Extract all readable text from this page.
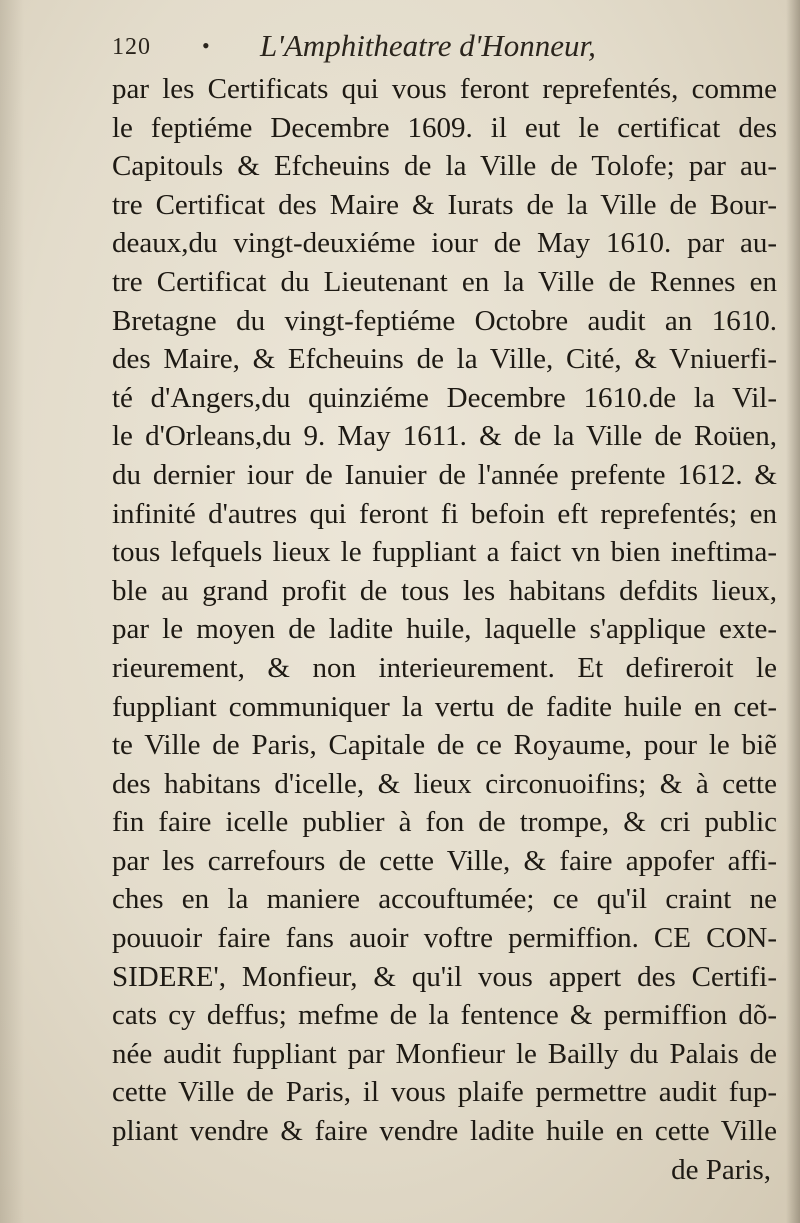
120 • L'Amphitheatre d'Honneur,
par les Certificats qui vous feront reprefentés, comme
le feptiéme Decembre 1609. il eut le certificat des
Capitouls & Efcheuins de la Ville de Tolofe; par au-
tre Certificat des Maire & Iurats de la Ville de Bour-
deaux,du vingt-deuxiéme iour de May 1610. par au-
tre Certificat du Lieutenant en la Ville de Rennes en
Bretagne du vingt-feptiéme Octobre audit an 1610.
des Maire, & Efcheuins de la Ville, Cité, & Vniuerfi-
té d'Angers,du quinziéme Decembre 1610.de la Vil-
le d'Orleans,du 9. May 1611. & de la Ville de Roüen,
du dernier iour de Ianuier de l'année prefente 1612. &
infinité d'autres qui feront fi befoin eft reprefentés; en
tous lefquels lieux le fuppliant a faict vn bien ineftima-
ble au grand profit de tous les habitans defdits lieux,
par le moyen de ladite huile, laquelle s'applique exte-
rieurement, & non interieurement. Et defireroit le
fuppliant communiquer la vertu de fadite huile en cet-
te Ville de Paris, Capitale de ce Royaume, pour le biẽ
des habitans d'icelle, & lieux circonuoifins; & à cette
fin faire icelle publier à fon de trompe, & cri public
par les carrefours de cette Ville, & faire appofer affi-
ches en la maniere accouftumée; ce qu'il craint ne
pouuoir faire fans auoir voftre permiffion. CE CON-
SIDERE', Monfieur, & qu'il vous appert des Certifi-
cats cy deffus; mefme de la fentence & permiffion dõ-
née audit fuppliant par Monfieur le Bailly du Palais de
cette Ville de Paris, il vous plaife permettre audit fup-
pliant vendre & faire vendre ladite huile en cette Ville
de Paris,
